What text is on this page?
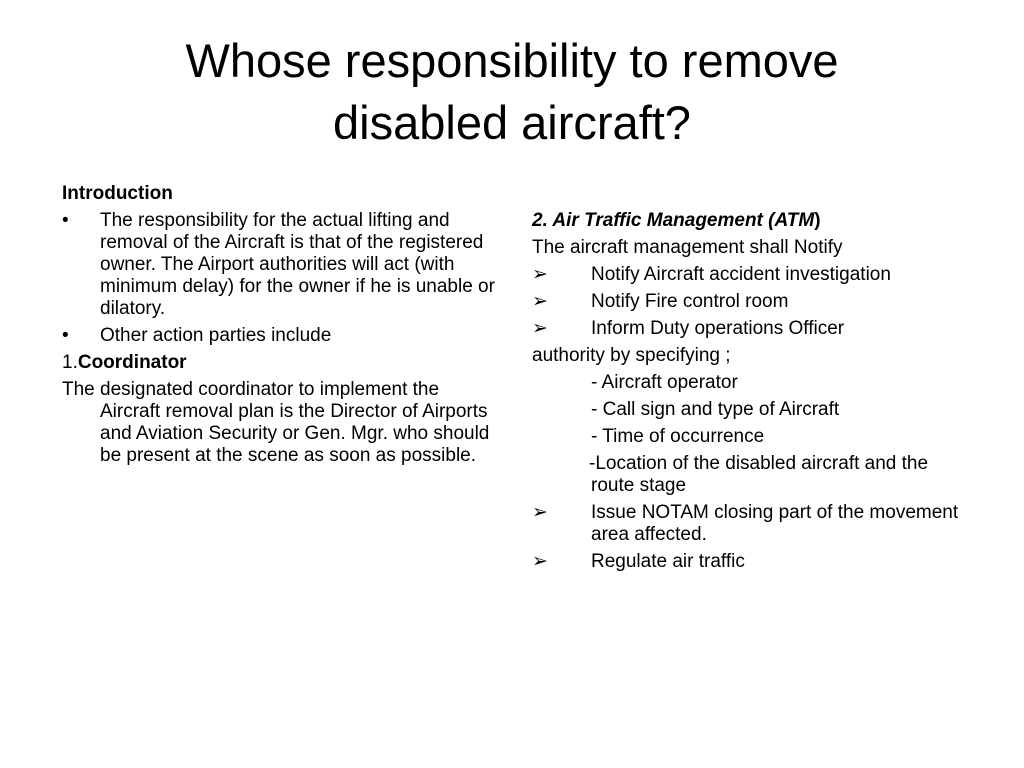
Whose responsibility to remove
disabled aircraft?
Introduction
• The responsibility for the actual lifting and removal of the Aircraft is that of the registered owner. The Airport authorities will act (with minimum delay) for the owner if he is unable or dilatory.
• Other action parties include
1.Coordinator
The designated coordinator to implement the Aircraft removal plan is the Director of Airports and Aviation Security or Gen. Mgr. who should be present at the scene as soon as possible.
2. Air Traffic Management (ATM)
The aircraft management shall Notify
➢ Notify Aircraft accident investigation
➢ Notify Fire control room
➢ Inform Duty operations Officer
authority by specifying ;
- Aircraft operator
- Call sign and type of Aircraft
- Time of occurrence
-Location of the disabled aircraft and the route stage
➢ Issue NOTAM closing part of the movement area affected.
➢ Regulate air traffic
